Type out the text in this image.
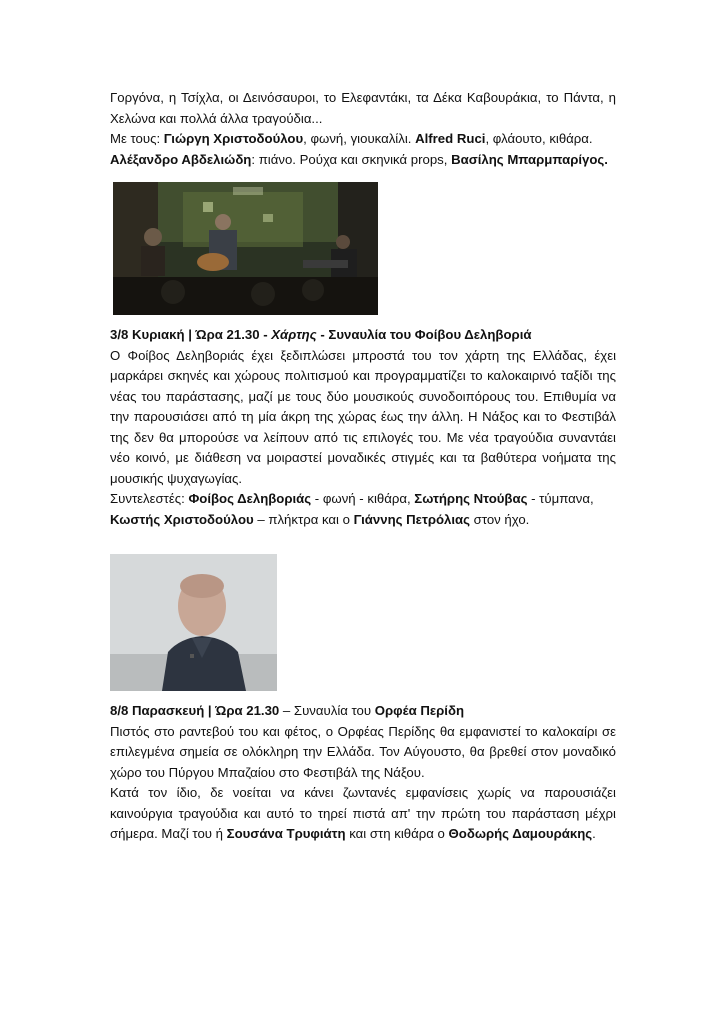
Γοργόνα, η Τσίχλα, οι Δεινόσαυροι, το Ελεφαντάκι, τα Δέκα Καβουράκια, το Πάντα, η Χελώνα και πολλά άλλα τραγούδια...

Με τους: Γιώργη Χριστοδούλου, φωνή, γιουκαλίλι. Alfred Ruci, φλάουτο, κιθάρα.
Αλέξανδρο Αβδελιώδη: πιάνο. Ρούχα και σκηνικά props, Βασίλης Μπαρμπαρίγος.

3/8 Κυριακή | Ώρα 21.30 - Χάρτης - Συναυλία του Φοίβου Δεληβοριά

Ο Φοίβος Δεληβοριάς έχει ξεδιπλώσει μπροστά του τον χάρτη της Ελλάδας, έχει μαρκάρει σκηνές και χώρους πολιτισμού και προγραμματίζει το καλοκαιρινό ταξίδι της νέας του παράστασης, μαζί με τους δύο μουσικούς συνοδοιπόρους του. Επιθυμία να την παρουσιάσει από τη μία άκρη της χώρας έως την άλλη. Η Νάξος και το Φεστιβάλ της δεν θα μπορούσε να λείπουν από τις επιλογές του. Με νέα τραγούδια συναντάει νέο κοινό, με διάθεση να μοιραστεί μοναδικές στιγμές και τα βαθύτερα νοήματα της μουσικής ψυχαγωγίας.

Συντελεστές: Φοίβος Δεληβοριάς - φωνή - κιθάρα, Σωτήρης Ντούβας - τύμπανα,
Κωστής Χριστοδούλου – πλήκτρα και ο Γιάννης Πετρόλιας στον ήχο.

8/8 Παρασκευή | Ώρα 21.30 – Συναυλία του Ορφέα Περίδη

Πιστός στο ραντεβού του και φέτος, ο Ορφέας Περίδης θα εμφανιστεί το καλοκαίρι σε επιλεγμένα σημεία σε ολόκληρη την Ελλάδα. Τον Αύγουστο, θα βρεθεί στον μοναδικό χώρο του Πύργου Μπαζαίου στο Φεστιβάλ της Νάξου.

Κατά τον ίδιο, δε νοείται να κάνει ζωντανές εμφανίσεις χωρίς να παρουσιάζει καινούργια τραγούδια και αυτό το τηρεί πιστά απ' την πρώτη του παράσταση μέχρι σήμερα. Μαζί του ή Σουσάνα Τρυφιάτη και στη κιθάρα ο Θοδωρής Δαμουράκης.
